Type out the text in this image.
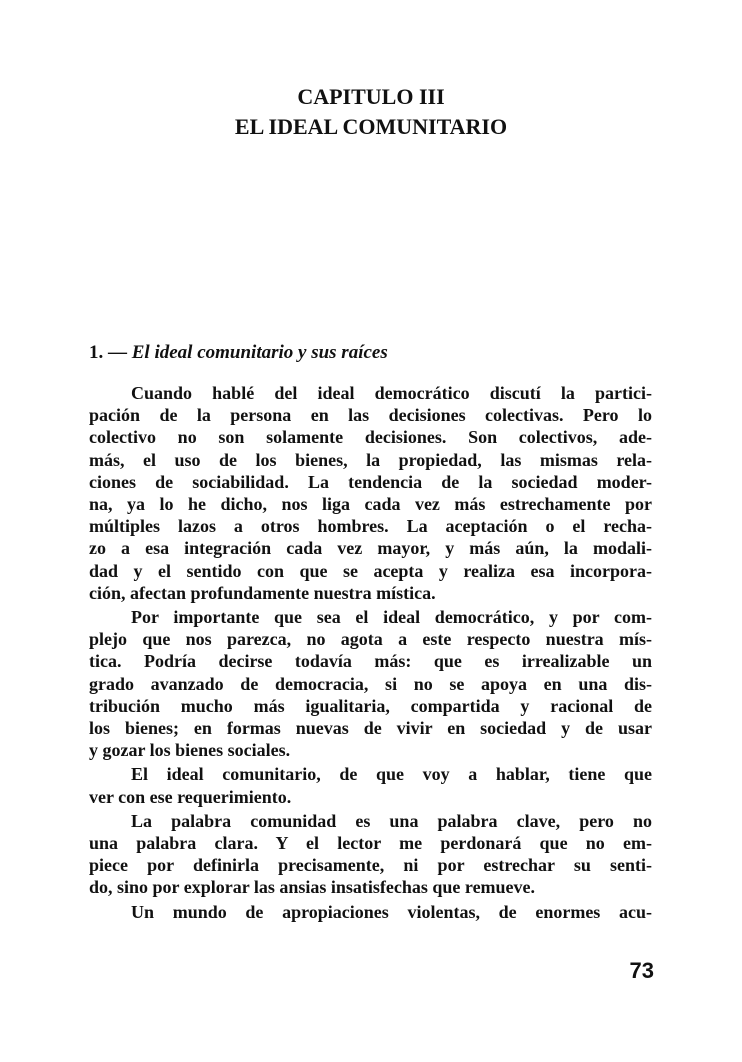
CAPITULO III
EL IDEAL COMUNITARIO
1. — El ideal comunitario y sus raíces
Cuando hablé del ideal democrático discutí la partici-
pación de la persona en las decisiones colectivas. Pero lo
colectivo no son solamente decisiones. Son colectivos, ade-
más, el uso de los bienes, la propiedad, las mismas rela-
ciones de sociabilidad. La tendencia de la sociedad moder-
na, ya lo he dicho, nos liga cada vez más estrechamente por
múltiples lazos a otros hombres. La aceptación o el recha-
zo a esa integración cada vez mayor, y más aún, la modali-
dad y el sentido con que se acepta y realiza esa incorpora-
ción, afectan profundamente nuestra mística.
Por importante que sea el ideal democrático, y por com-
plejo que nos parezca, no agota a este respecto nuestra mís-
tica. Podría decirse todavía más: que es irrealizable un
grado avanzado de democracia, si no se apoya en una dis-
tribución mucho más igualitaria, compartida y racional de
los bienes; en formas nuevas de vivir en sociedad y de usar
y gozar los bienes sociales.
El ideal comunitario, de que voy a hablar, tiene que
ver con ese requerimiento.
La palabra comunidad es una palabra clave, pero no
una palabra clara. Y el lector me perdonará que no em-
piece por definirla precisamente, ni por estrechar su senti-
do, sino por explorar las ansias insatisfechas que remueve.
Un mundo de apropiaciones violentas, de enormes acu-
73
